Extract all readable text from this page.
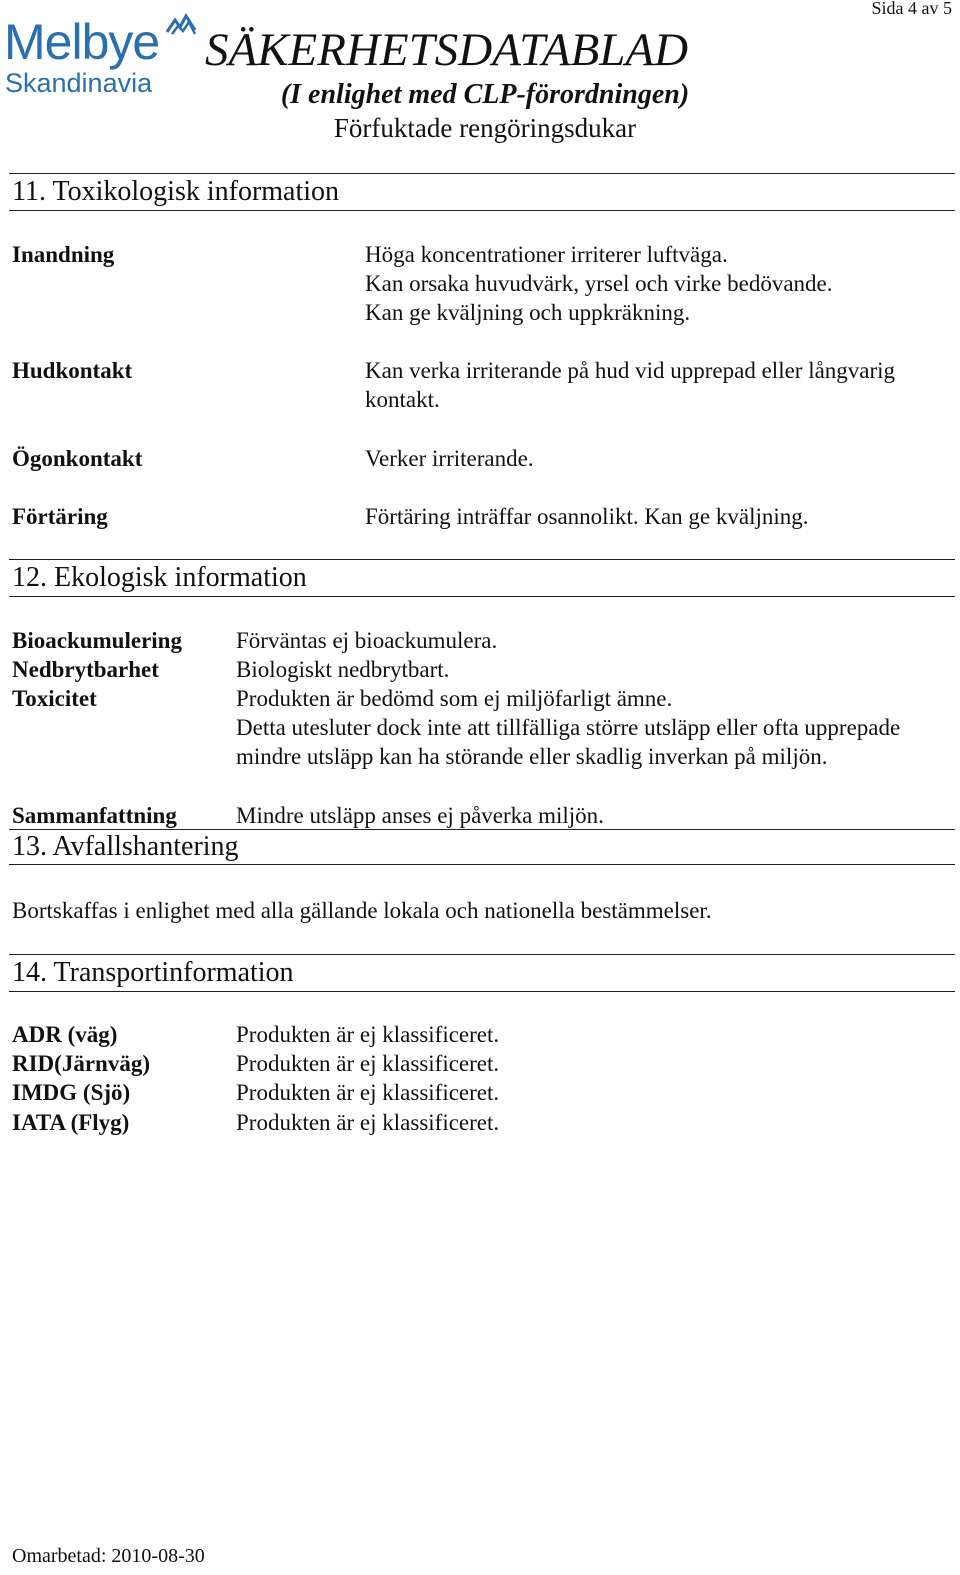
Melbye
Skandinavia
Sida 4 av 5
SÄKERHETSDATABLAD
(I enlighet med CLP-förordningen)
Förfuktade rengöringsdukar
11. Toxikologisk information
Inandning	Höga koncentrationer irriterer luftväga.
Kan orsaka huvudvärk, yrsel och virke bedövande.
Kan ge kväljning och uppkräkning.
Hudkontakt	Kan verka irriterande på hud vid upprepad eller långvarig
kontakt.
Ögonkontakt	Verker irriterande.
Förtäring	Förtäring inträffar osannolikt. Kan ge kväljning.
12. Ekologisk information
Bioackumulering Förväntas ej bioackumulera.
Nedbrytbarhet	Biologiskt nedbrytbart.
Toxicitet	Produkten är bedömd som ej miljöfarligt ämne.
Detta utesluter dock inte att tillfälliga större utsläpp eller ofta upprepade mindre utsläpp kan ha störande eller skadlig inverkan på miljön.
Sammanfattning	Mindre utsläpp anses ej påverka miljön.
13. Avfallshantering
Bortskaffas i enlighet med alla gällande lokala och nationella bestämmelser.
14. Transportinformation
ADR (väg)	Produkten är ej klassificeret.
RID(Järnväg)	Produkten är ej klassificeret.
IMDG (Sjö)	Produkten är ej klassificeret.
IATA (Flyg)	Produkten är ej klassificeret.
Omarbetad: 2010-08-30
